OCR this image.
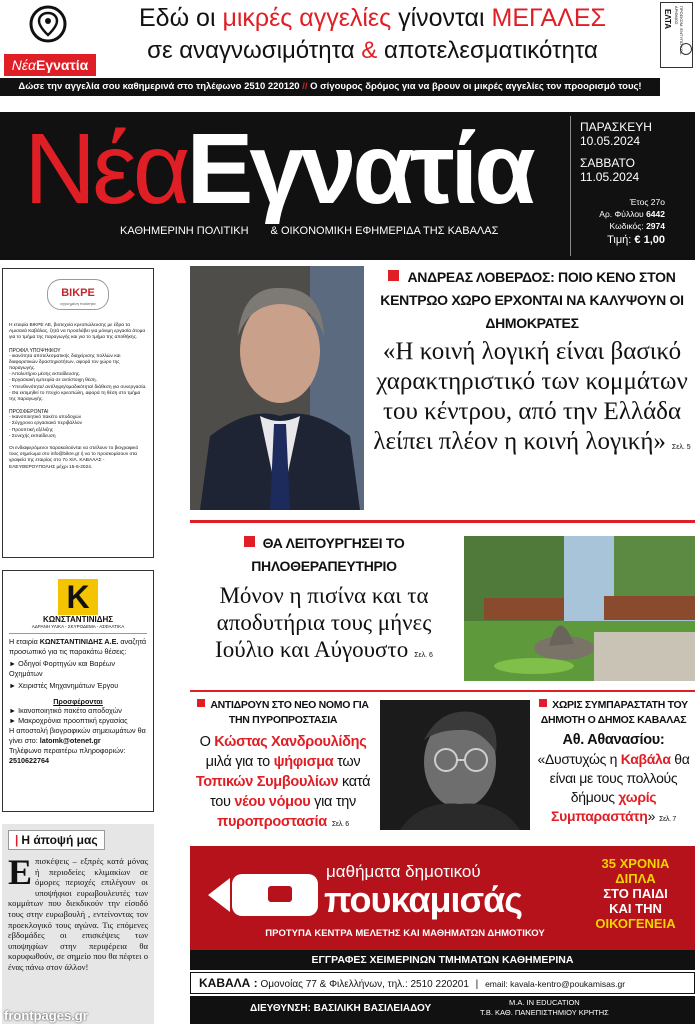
ΝέαΕγνατία
Εδώ οι μικρές αγγελίες γίνονται ΜΕΓΑΛΕΣ
σε αναγνωσιμότητα & αποτελεσματικότητα
ΕΛΤΑ	ΠΡΟΣΚΟΜ. ΕΝΤΥΠΟ ΚΩΔ. ΑΡΙΘΜΟΣ
Δώσε την αγγελία σου καθημερινά στο τηλέφωνο 2510 220120 // Ο σίγουρος δρόμος για να βρουν οι μικρές αγγελίες τον προορισμό τους!
ΝέαΕγνατία
ΚΑΘΗΜΕΡΙΝΗ ΠΟΛΙΤΙΚΗ & ΟΙΚΟΝΟΜΙΚΗ ΕΦΗΜΕΡΙΔΑ ΤΗΣ ΚΑΒΑΛΑΣ
ΠΑΡΑΣΚΕΥΗ
10.05.2024
ΣΑΒΒΑΤΟ
11.05.2024
Έτος 27ο
Αρ. Φύλλου 6442
Κωδικός: 2974
Τιμή: € 1,00
ΒΙΚΡΕ
εγγυημένη ποιότητα
Η εταιρία ΒΙΚΡΕ ΑΕ, βιοτεχνία κρεοπώλευσης με έδρα τα Αμισανά Καβάλας, ζητά να προσλάβει για μόνιμη εργασία άτομα για το τμήμα της παραγωγής και για το τμήμα της αποθήκης.
ΠΡΟΦΙΛ ΥΠΟΨΗΦΙΟΥ
- ικανότητα αποτελεσματικής διαχείρισης πολλών και διαφορετικών δραστηριοτήτων, αφορά τον χώρο της παραγωγής.
- Απολυτήριο μέσης εκπαίδευσης.
- Εργασιακή εμπειρία σε αντίστοιχη θέση.
- Υπευθυνότητα/ αντίληψη/ομαδικότητα/ διάθεση για συνεργασία.
- Θα εκτιμηθεί το πτυχίο κρεοπώλη, αφορά τη θέση στο τμήμα της παραγωγής.
ΠΡΟΣΦΕΡΟΝΤΑΙ
- Ικανοποιητικό πακέτο αποδοχών
- Σύγχρονο εργασιακό περιβάλλον
- Προοπτική εξέλιξης
- Συνεχής εκπαίδευση
Οι ενδιαφερόμενοι παρακαλούνται να στείλουν το βιογραφικό τους σημείωμα στο info@bikre.gr ή να το προσκομίσουν στα γραφεία της εταιρίας στο 7ο ΧΙΛ. ΚΑΒΑΛΑΣ - ΕΛΕΥΘΕΡΟΥΠΟΛΗΣ μέχρι 15-6-2024.
K
ΚΩΝΣΤΑΝΤΙΝΙΔΗΣ
ΑΔΡΑΝΗ ΥΛΙΚΑ - ΣΚΥΡΟΔΕΜΑ - ΑΣΦΑΛΤΙΚΑ
Η εταιρία ΚΩΝΣΤΑΝΤΙΝΙΔΗΣ Α.Ε. αναζητά προσωπικό για τις παρακάτω θέσεις:
► Οδηγοί Φορτηγών και Βαρέων Οχημάτων
► Χειριστές Μηχανημάτων Έργου
Προσφέρονται
► Ικανοποιητικό πακέτο αποδοχών
► Μακροχρόνια προοπτική εργασίας
Η αποστολή βιογραφικών σημειωμάτων θα γίνει στο: latomk@otenet.gr
Τηλέφωνο περαιτέρω πληροφοριών:
2510622764
| Η άποψή μας
Ε πισκέψεις – εξπρές κατά μόνας ή περιοδείες κλιμακίων σε όμορες περιοχές επιλέγουν οι υποψήφιοι ευρωβουλευτές των κομμάτων που διεκδικούν την είσοδό τους στην ευρωβουλή , εντείνοντας τον προεκλογικό τους αγώνα. Τις επόμενες εβδομάδες οι επισκέψεις των υποψηφίων στην περιφέρεια θα κορυφωθούν, σε σημείο που θα πέφτει ο ένας πάνω στον άλλον!
frontpages.gr
ΑΝΔΡΕΑΣ ΛΟΒΕΡΔΟΣ: ΠΟΙΟ ΚΕΝΟ ΣΤΟΝ ΚΕΝΤΡΩΟ ΧΩΡΟ ΕΡΧΟΝΤΑΙ ΝΑ ΚΑΛΥΨΟΥΝ ΟΙ ΔΗΜΟΚΡΑΤΕΣ
«Η κοινή λογική είναι βασικό χαρακτηριστικό των κομμάτων του κέντρου, από την Ελλάδα λείπει πλέον η κοινή λογική» Σελ. 5
ΘΑ ΛΕΙΤΟΥΡΓΗΣΕΙ ΤΟ ΠΗΛΟΘΕΡΑΠΕΥΤΗΡΙΟ
Μόνον η πισίνα και τα αποδυτήρια τους μήνες Ιούλιο και Αύγουστο Σελ. 6
ΑΝΤΙΔΡΟΥΝ ΣΤΟ ΝΕΟ ΝΟΜΟ ΓΙΑ ΤΗΝ ΠΥΡΟΠΡΟΣΤΑΣΙΑ
Ο Κώστας Χανδρουλίδης μιλά για το ψήφισμα των Τοπικών Συμβουλίων κατά του νέου νόμου για την πυροπροστασία Σελ. 6
ΧΩΡΙΣ ΣΥΜΠΑΡΑΣΤΑΤΗ ΤΟΥ ΔΗΜΟΤΗ Ο ΔΗΜΟΣ ΚΑΒΑΛΑΣ
Αθ. Αθανασίου:
«Δυστυχώς η Καβάλα θα είναι με τους πολλούς δήμους χωρίς Συμπαραστάτη» Σελ. 7
μαθήματα δημοτικού
πουκαμισάς
ΠΡΟΤΥΠΑ ΚΕΝΤΡΑ ΜΕΛΕΤΗΣ ΚΑΙ ΜΑΘΗΜΑΤΩΝ ΔΗΜΟΤΙΚΟΥ
35 ΧΡΟΝΙΑ
ΔΙΠΛΑ
ΣΤΟ ΠΑΙΔΙ
ΚΑΙ ΤΗΝ
ΟΙΚΟΓΕΝΕΙΑ
ΕΓΓΡΑΦΕΣ ΧΕΙΜΕΡΙΝΩΝ ΤΜΗΜΑΤΩΝ ΚΑΘΗΜΕΡΙΝΑ
ΚΑΒΑΛΑ : Ομονοίας 77 & Φιλελλήνων, τηλ.: 2510 220201 | email: kavala-kentro@poukamisas.gr
ΔΙΕΥΘΥΝΣΗ: ΒΑΣΙΛΙΚΗ ΒΑΣΙΛΕΙΑΔΟΥ
Μ.Α. IN EDUCATION
Τ.Β. ΚΑΘ. ΠΑΝΕΠΙΣΤΗΜΙΟΥ ΚΡΗΤΗΣ
